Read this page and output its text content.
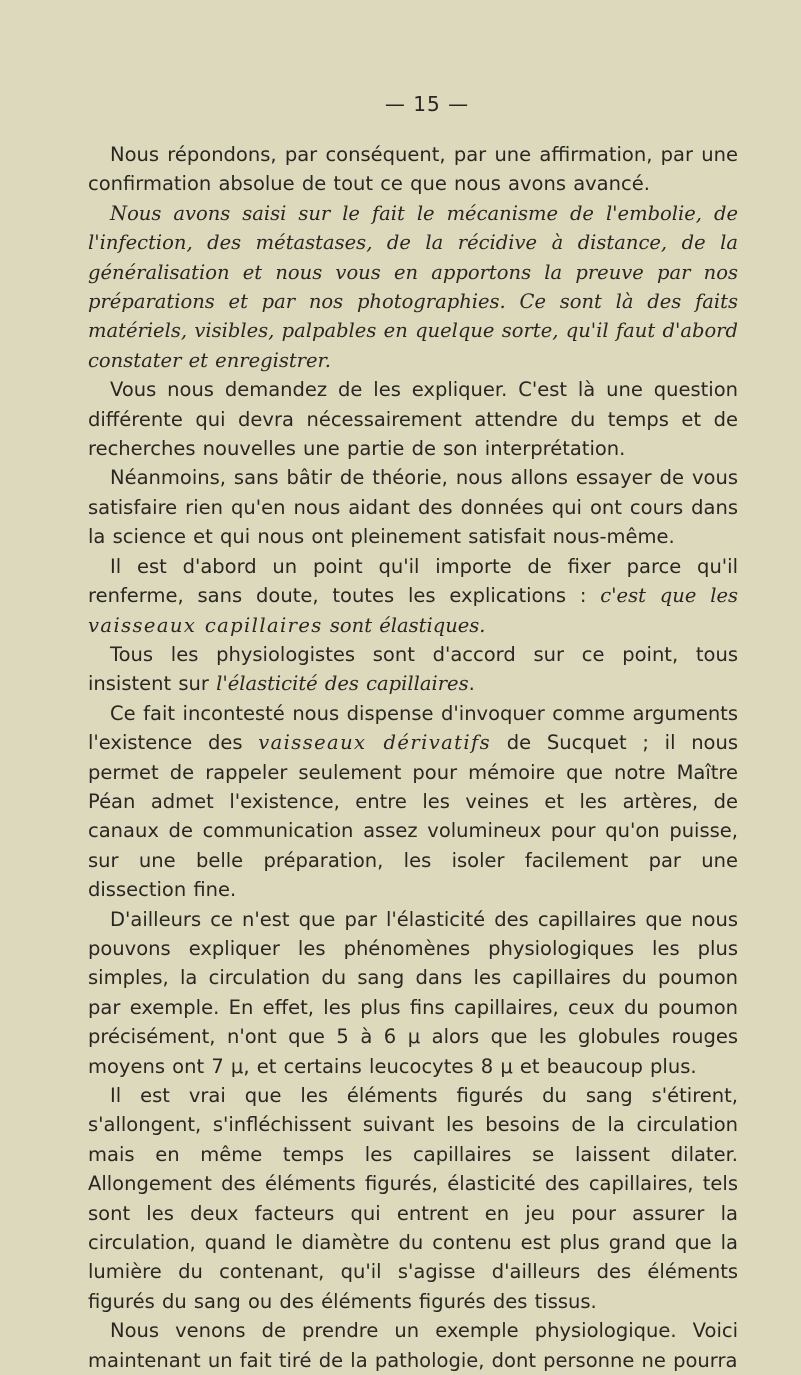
— 15 —

Nous répondons, par conséquent, par une affirmation, par une confirmation absolue de tout ce que nous avons avancé.

Nous avons saisi sur le fait le mécanisme de l'embolie, de l'infection, des métastases, de la récidive à distance, de la généralisation et nous vous en apportons la preuve par nos préparations et par nos photographies. Ce sont là des faits matériels, visibles, palpables en quelque sorte, qu'il faut d'abord constater et enregistrer.

Vous nous demandez de les expliquer. C'est là une question différente qui devra nécessairement attendre du temps et de recherches nouvelles une partie de son interprétation.

Néanmoins, sans bâtir de théorie, nous allons essayer de vous satisfaire rien qu'en nous aidant des données qui ont cours dans la science et qui nous ont pleinement satisfait nous-même.

Il est d'abord un point qu'il importe de fixer parce qu'il renferme, sans doute, toutes les explications : c'est que les vaisseaux capillaires sont élastiques.

Tous les physiologistes sont d'accord sur ce point, tous insistent sur l'élasticité des capillaires.

Ce fait incontesté nous dispense d'invoquer comme arguments l'existence des vaisseaux dérivatifs de Sucquet ; il nous permet de rappeler seulement pour mémoire que notre Maître Péan admet l'existence, entre les veines et les artères, de canaux de communication assez volumineux pour qu'on puisse, sur une belle préparation, les isoler facilement par une dissection fine.

D'ailleurs ce n'est que par l'élasticité des capillaires que nous pouvons expliquer les phénomènes physiologiques les plus simples, la circulation du sang dans les capillaires du poumon par exemple. En effet, les plus fins capillaires, ceux du poumon précisément, n'ont que 5 à 6 μ alors que les globules rouges moyens ont 7 μ, et certains leucocytes 8 μ et beaucoup plus.

Il est vrai que les éléments figurés du sang s'étirent, s'allongent, s'infléchissent suivant les besoins de la circulation mais en même temps les capillaires se laissent dilater. Allongement des éléments figurés, élasticité des capillaires, tels sont les deux facteurs qui entrent en jeu pour assurer la circulation, quand le diamètre du contenu est plus grand que la lumière du contenant, qu'il s'agisse d'ailleurs des éléments figurés du sang ou des éléments figurés des tissus.

Nous venons de prendre un exemple physiologique. Voici maintenant un fait tiré de la pathologie, dont personne ne pourra
